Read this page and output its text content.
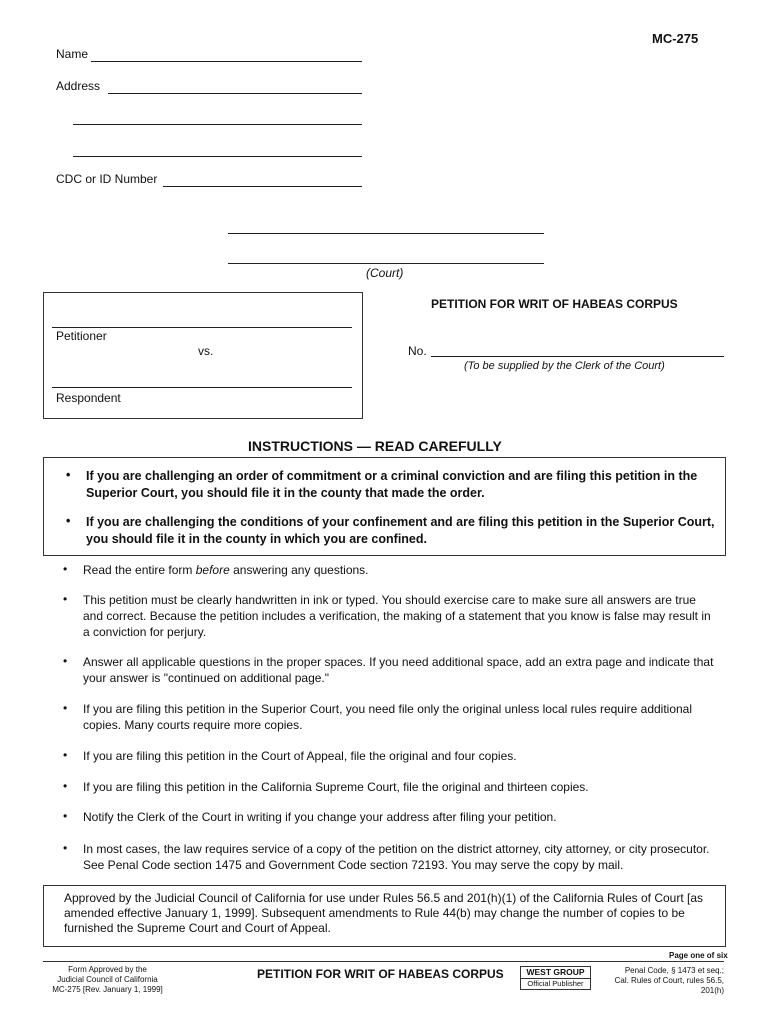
MC-275
Name
Address
CDC or ID Number
(Court)
Petitioner
vs.
Respondent
PETITION FOR WRIT OF HABEAS CORPUS
No.
(To be supplied by the Clerk of the Court)
INSTRUCTIONS — READ CAREFULLY
• If you are challenging an order of commitment or a criminal conviction and are filing this petition in the Superior Court, you should file it in the county that made the order.
• If you are challenging the conditions of your confinement and are filing this petition in the Superior Court, you should file it in the county in which you are confined.
• Read the entire form before answering any questions.
• This petition must be clearly handwritten in ink or typed. You should exercise care to make sure all answers are true and correct. Because the petition includes a verification, the making of a statement that you know is false may result in a conviction for perjury.
• Answer all applicable questions in the proper spaces. If you need additional space, add an extra page and indicate that your answer is "continued on additional page."
• If you are filing this petition in the Superior Court, you need file only the original unless local rules require additional copies. Many courts require more copies.
• If you are filing this petition in the Court of Appeal, file the original and four copies.
• If you are filing this petition in the California Supreme Court, file the original and thirteen copies.
• Notify the Clerk of the Court in writing if you change your address after filing your petition.
• In most cases, the law requires service of a copy of the petition on the district attorney, city attorney, or city prosecutor. See Penal Code section 1475 and Government Code section 72193. You may serve the copy by mail.
Approved by the Judicial Council of California for use under Rules 56.5 and 201(h)(1) of the California Rules of Court [as amended effective January 1, 1999]. Subsequent amendments to Rule 44(b) may change the number of copies to be furnished the Supreme Court and Court of Appeal.
Page one of six
Form Approved by the
Judicial Council of California
MC-275 [Rev. January 1, 1999]
PETITION FOR WRIT OF HABEAS CORPUS	WEST GROUP
Official Publisher
Penal Code, § 1473 et seq.;
Cal. Rules of Court, rules 56.5, 201(h)
